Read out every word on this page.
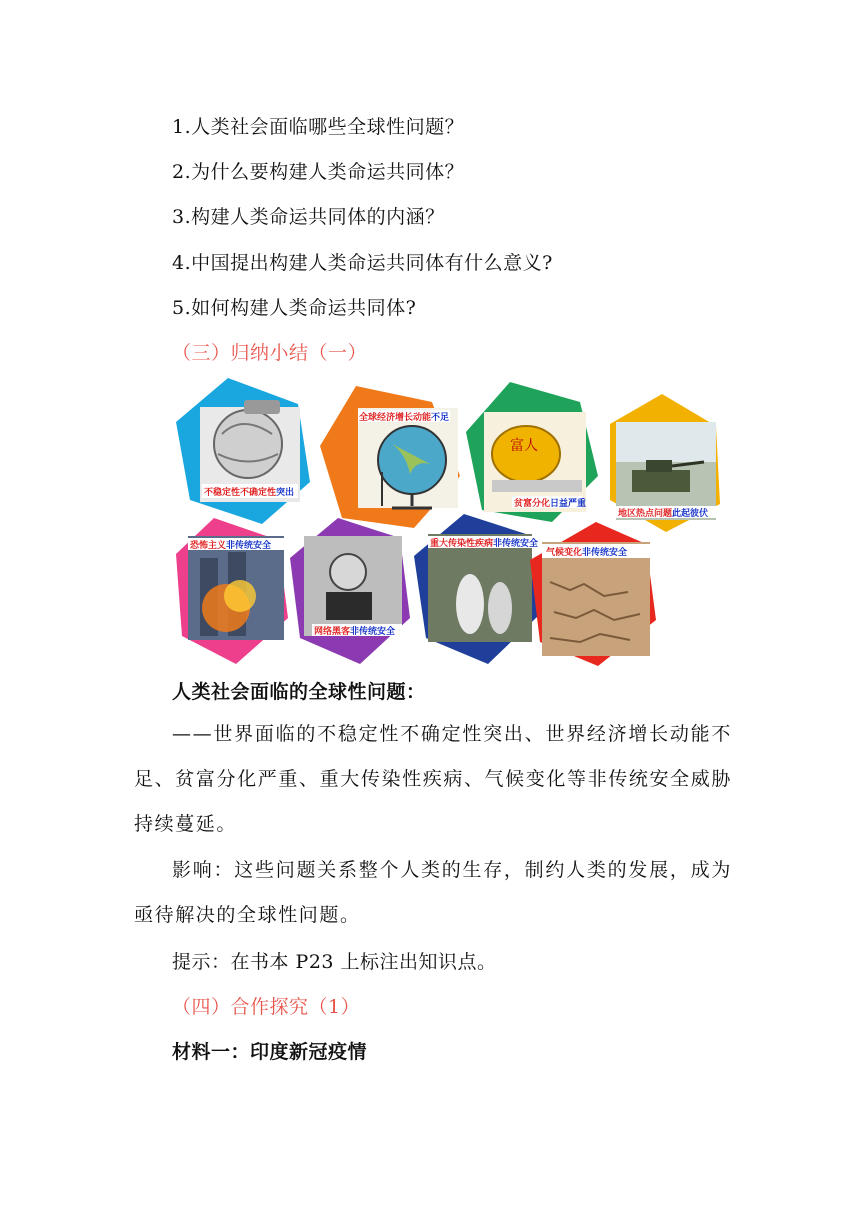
1.人类社会面临哪些全球性问题？
2.为什么要构建人类命运共同体？
3.构建人类命运共同体的内涵？
4.中国提出构建人类命运共同体有什么意义?
5.如何构建人类命运共同体?
（三）归纳小结（一）
不稳定性不确定性突出
全球经济增长动能不足
富人
贫富分化日益严重
地区热点问题此起彼伏
恐怖主义非传统安全
网络黑客非传统安全
重大传染性疾病非传统安全
气候变化非传统安全
人类社会面临的全球性问题：
——世界面临的不稳定性不确定性突出、世界经济增长动能不足、贫富分化严重、重大传染性疾病、气候变化等非传统安全威胁持续蔓延。
影响：这些问题关系整个人类的生存，制约人类的发展，成为亟待解决的全球性问题。
提示：在书本 P23 上标注出知识点。
（四）合作探究（1）
材料一：印度新冠疫情
